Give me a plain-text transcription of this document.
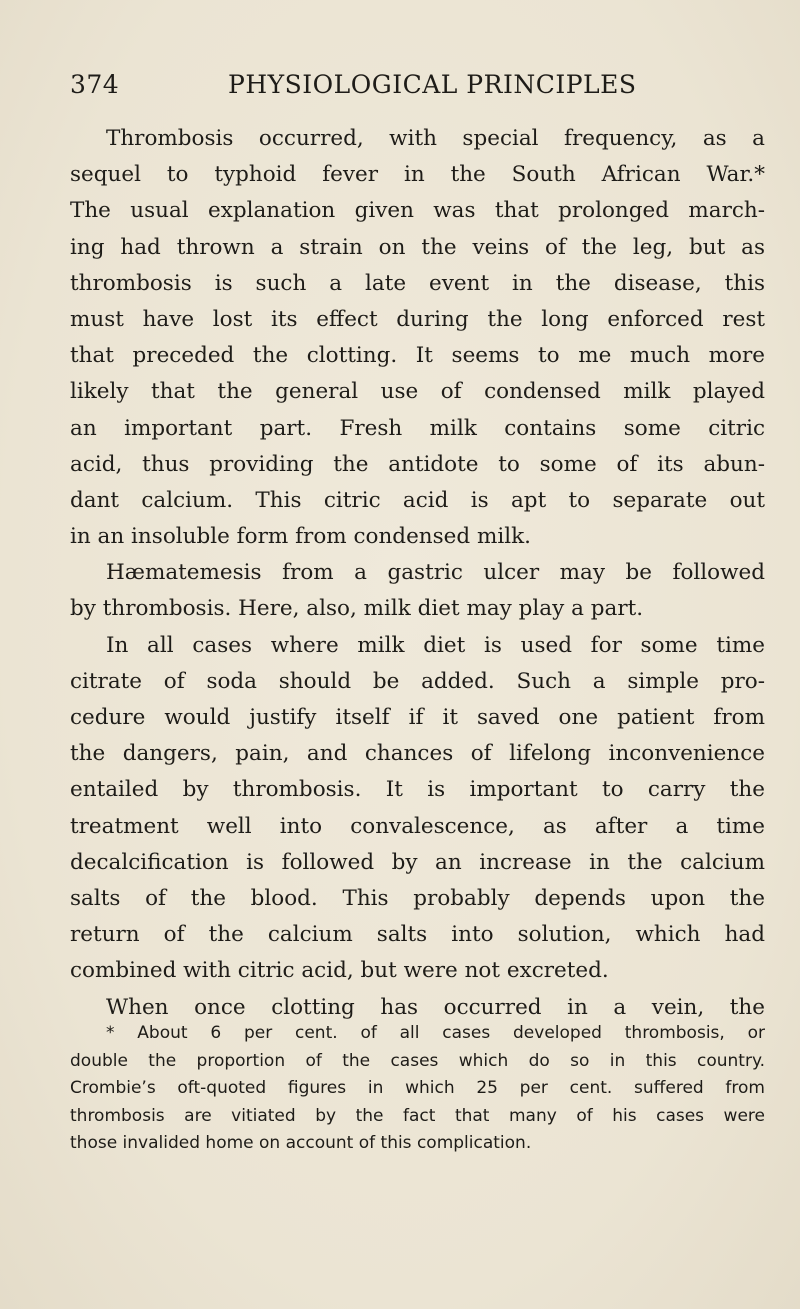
374	PHYSIOLOGICAL PRINCIPLES
Thrombosis occurred, with special frequency, as a
sequel to typhoid fever in the South African War.*
The usual explanation given was that prolonged march-
ing had thrown a strain on the veins of the leg, but as
thrombosis is such a late event in the disease, this
must have lost its effect during the long enforced rest
that preceded the clotting. It seems to me much more
likely that the general use of condensed milk played
an important part. Fresh milk contains some citric
acid, thus providing the antidote to some of its abun-
dant calcium. This citric acid is apt to separate out
in an insoluble form from condensed milk.
Hæmatemesis from a gastric ulcer may be followed
by thrombosis. Here, also, milk diet may play a part.
In all cases where milk diet is used for some time
citrate of soda should be added. Such a simple pro-
cedure would justify itself if it saved one patient from
the dangers, pain, and chances of lifelong inconvenience
entailed by thrombosis. It is important to carry the
treatment well into convalescence, as after a time
decalcification is followed by an increase in the calcium
salts of the blood. This probably depends upon the
return of the calcium salts into solution, which had
combined with citric acid, but were not excreted.
When once clotting has occurred in a vein, the
* About 6 per cent. of all cases developed thrombosis, or
double the proportion of the cases which do so in this country.
Crombie’s oft-quoted figures in which 25 per cent. suffered from
thrombosis are vitiated by the fact that many of his cases were
those invalided home on account of this complication.
